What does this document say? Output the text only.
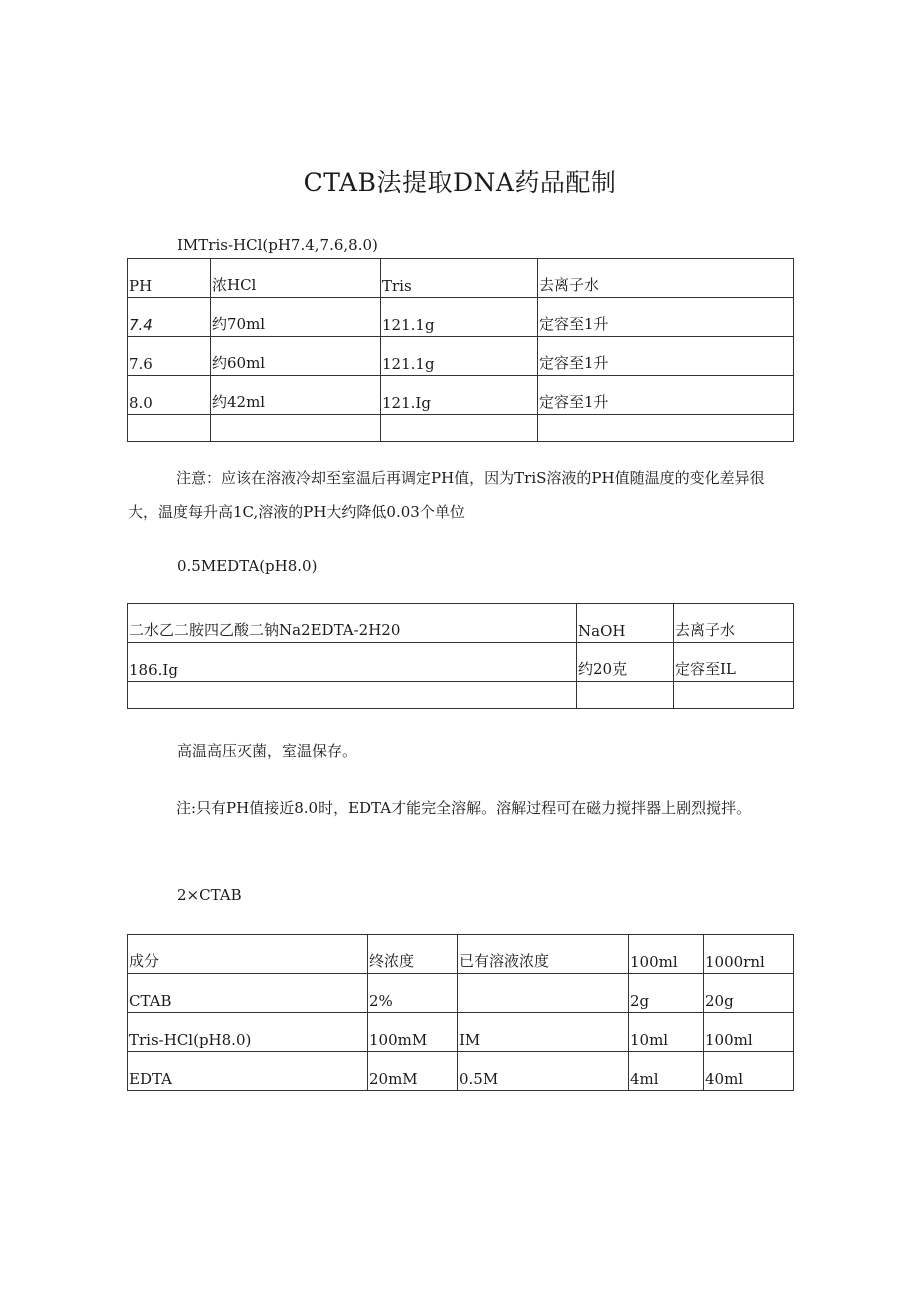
CTAB法提取DNA药品配制
IMTris-HCl(pH7.4,7.6,8.0)
PH	浓HCl	Tris	去离子水
7.4	约70ml	121.1g	定容至1升
7.6	约60ml	121.1g	定容至1升
8.0	约42ml	121.Ig	定容至1升

注意：应该在溶液冷却至室温后再调定PH值，因为TriS溶液的PH值随温度的变化差异很大，温度每升高1C,溶液的PH大约降低0.03个单位
0.5MEDTA(pH8.0)
二水乙二胺四乙酸二钠Na2EDTA-2H20	NaOH	去离子水
186.Ig	约20克	定容至IL

高温高压灭菌，室温保存。
注:只有PH值接近8.0时，EDTA才能完全溶解。溶解过程可在磁力搅拌器上剧烈搅拌。
2×CTAB
成分	终浓度	已有溶液浓度	100ml	1000rnl
CTAB	2%		2g	20g
Tris-HCl(pH8.0)	100mM	IM	10ml	100ml
EDTA	20mM	0.5M	4ml	40ml
